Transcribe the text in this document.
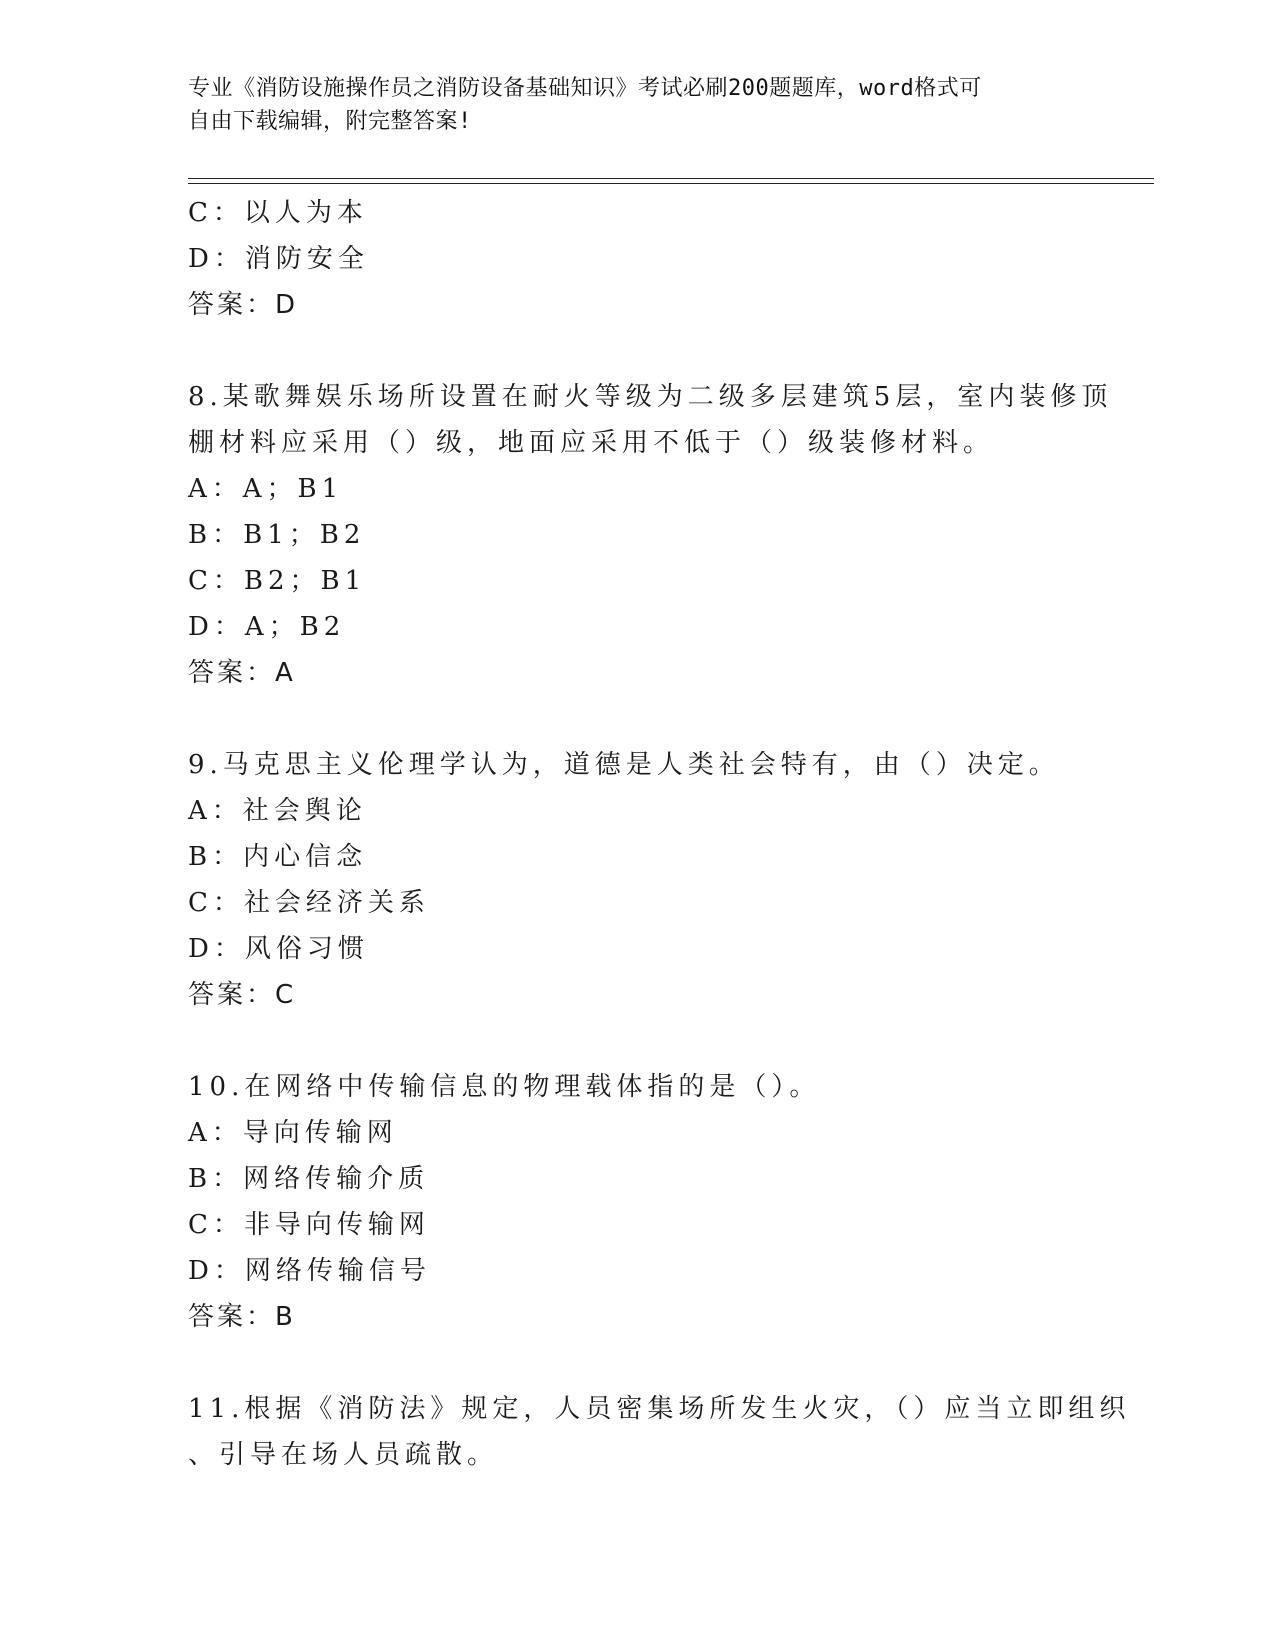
专业《消防设施操作员之消防设备基础知识》考试必刷200题题库，word格式可
自由下载编辑，附完整答案!
C：以人为本
D：消防安全
答案：D
8.某歌舞娱乐场所设置在耐火等级为二级多层建筑5层，室内装修顶
棚材料应采用（）级，地面应采用不低于（）级装修材料。
A：A；B1
B：B1；B2
C：B2；B1
D：A；B2
答案：A
9.马克思主义伦理学认为，道德是人类社会特有，由（）决定。
A：社会舆论
B：内心信念
C：社会经济关系
D：风俗习惯
答案：C
10.在网络中传输信息的物理载体指的是（）。
A：导向传输网
B：网络传输介质
C：非导向传输网
D：网络传输信号
答案：B
11.根据《消防法》规定，人员密集场所发生火灾，（）应当立即组织
、引导在场人员疏散。
